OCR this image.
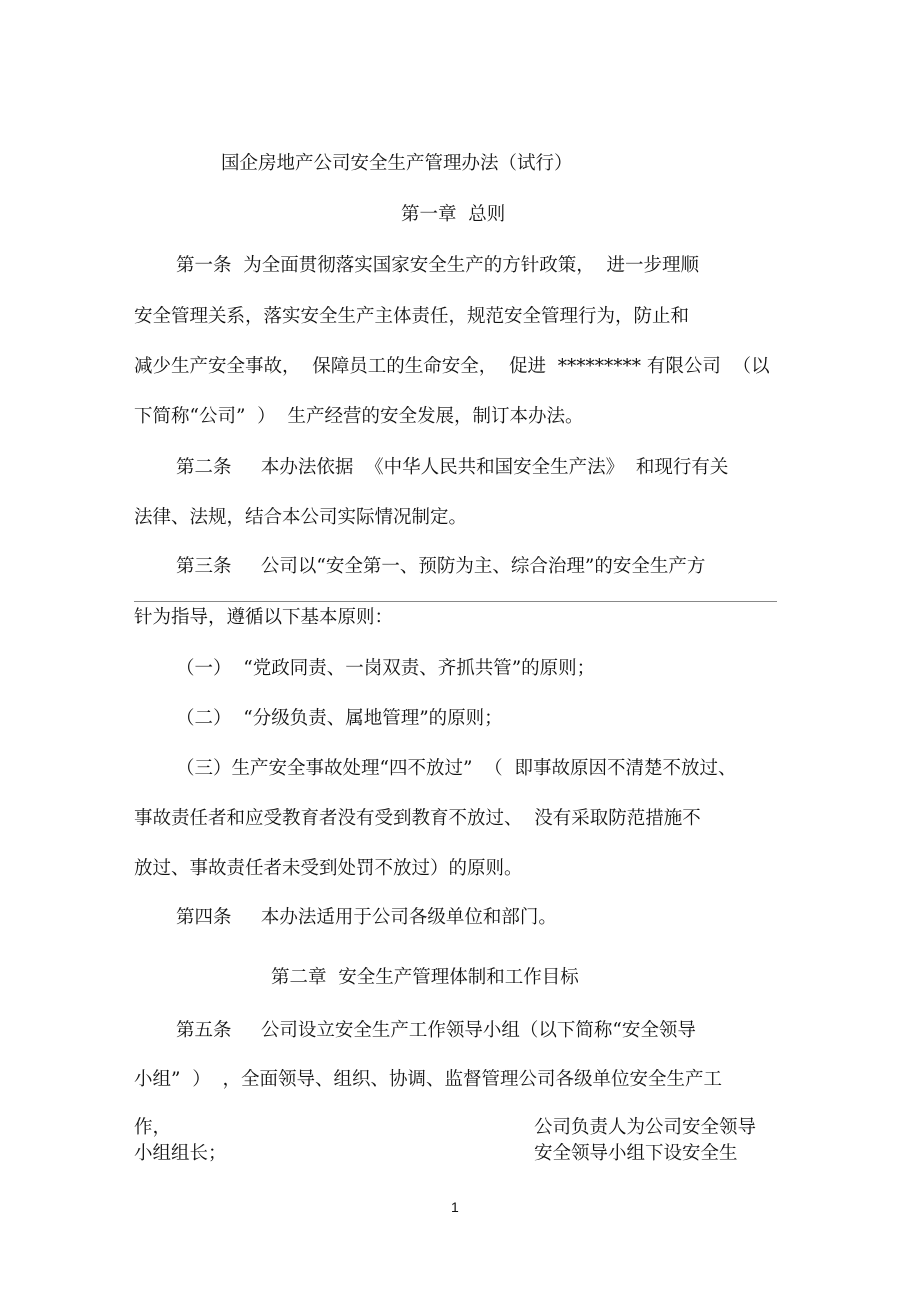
国企房地产公司安全生产管理办法（试行）
第一章  总则
第一条  为全面贯彻落实国家安全生产的方针政策，  进一步理顺
安全管理关系，落实安全生产主体责任，规范安全管理行为，防止和
减少生产安全事故，  保障员工的生命安全，  促进  ********* 有限公司  （以
下简称“公司”  ）  生产经营的安全发展，制订本办法。
第二条     本办法依据  《中华人民共和国安全生产法》  和现行有关
法律、法规，结合本公司实际情况制定。
第三条     公司以“安全第一、预防为主、综合治理”的安全生产方
针为指导，遵循以下基本原则：
（一）  “党政同责、一岗双责、齐抓共管”的原则；
（二）  “分级负责、属地管理”的原则；
（三）生产安全事故处理“四不放过”  （  即事故原因不清楚不放过、
事故责任者和应受教育者没有受到教育不放过、  没有采取防范措施不
放过、事故责任者未受到处罚不放过）的原则。
第四条     本办法适用于公司各级单位和部门。
第二章  安全生产管理体制和工作目标
第五条     公司设立安全生产工作领导小组（以下简称“安全领导
小组”  ）  ，全面领导、组织、协调、监督管理公司各级单位安全生产工
作，	公司负责人为公司安全领导
小组组长；	安全领导小组下设安全生
1
